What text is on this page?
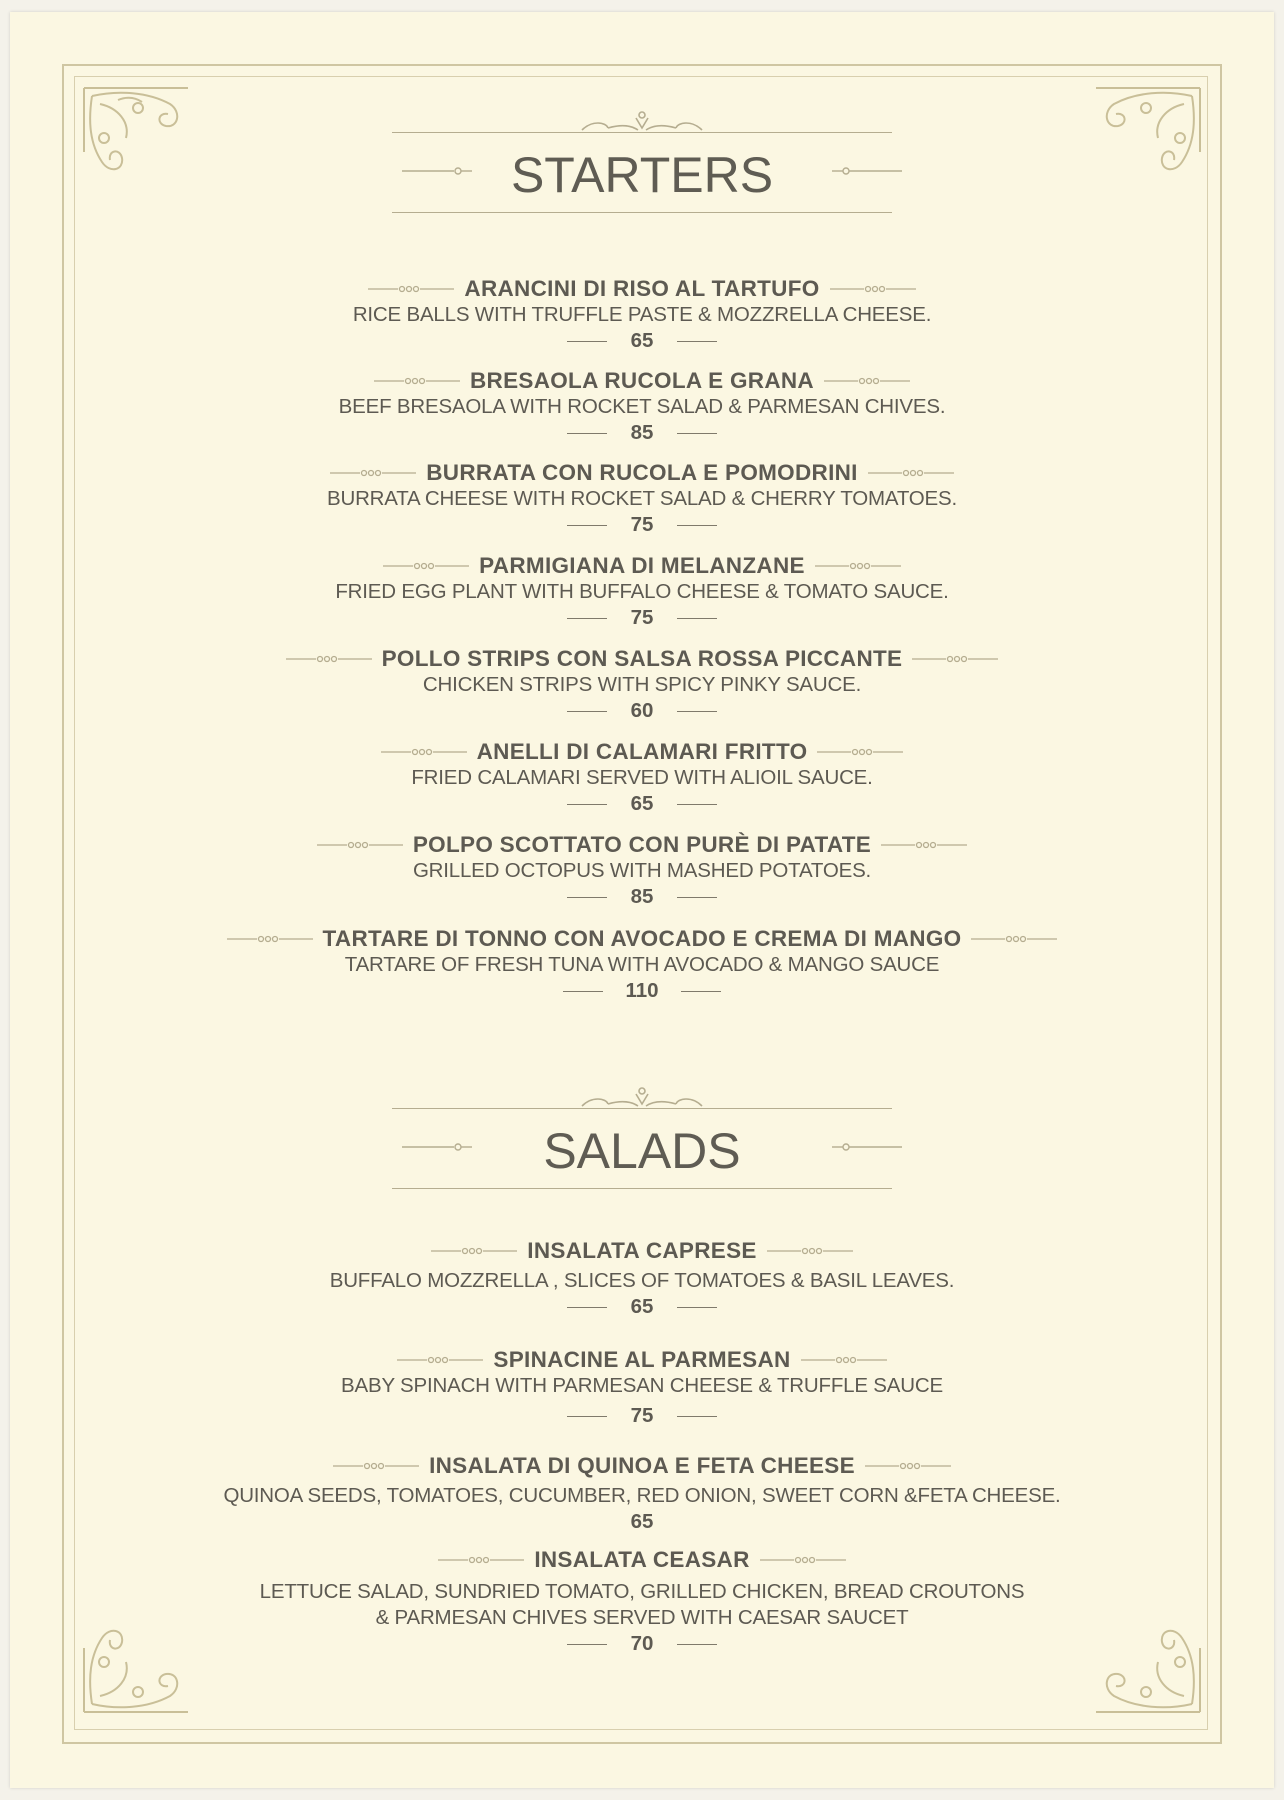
STARTERS
ARANCINI DI RISO AL TARTUFO
RICE BALLS WITH TRUFFLE PASTE & MOZZRELLA CHEESE.
65
BRESAOLA RUCOLA E GRANA
BEEF BRESAOLA WITH ROCKET SALAD & PARMESAN CHIVES.
85
BURRATA CON RUCOLA E POMODRINI
BURRATA CHEESE WITH ROCKET SALAD & CHERRY TOMATOES.
75
PARMIGIANA DI MELANZANE
FRIED EGG PLANT WITH BUFFALO CHEESE & TOMATO SAUCE.
75
POLLO STRIPS CON SALSA ROSSA PICCANTE
CHICKEN STRIPS WITH SPICY PINKY SAUCE.
60
ANELLI DI CALAMARI FRITTO
FRIED CALAMARI SERVED WITH ALIOIL SAUCE.
65
POLPO SCOTTATO CON PURÈ DI PATATE
GRILLED OCTOPUS WITH MASHED POTATOES.
85
TARTARE DI TONNO CON AVOCADO E CREMA DI MANGO
TARTARE OF FRESH TUNA WITH AVOCADO & MANGO SAUCE
110
SALADS
INSALATA CAPRESE
BUFFALO MOZZRELLA , SLICES OF TOMATOES & BASIL LEAVES.
65
SPINACINE AL PARMESAN
BABY SPINACH WITH PARMESAN CHEESE & TRUFFLE SAUCE
75
INSALATA DI QUINOA E FETA CHEESE
QUINOA SEEDS, TOMATOES, CUCUMBER, RED ONION, SWEET CORN &FETA CHEESE.
65
INSALATA CEASAR
LETTUCE SALAD, SUNDRIED TOMATO, GRILLED CHICKEN, BREAD CROUTONS
& PARMESAN CHIVES SERVED WITH CAESAR SAUCET
70
